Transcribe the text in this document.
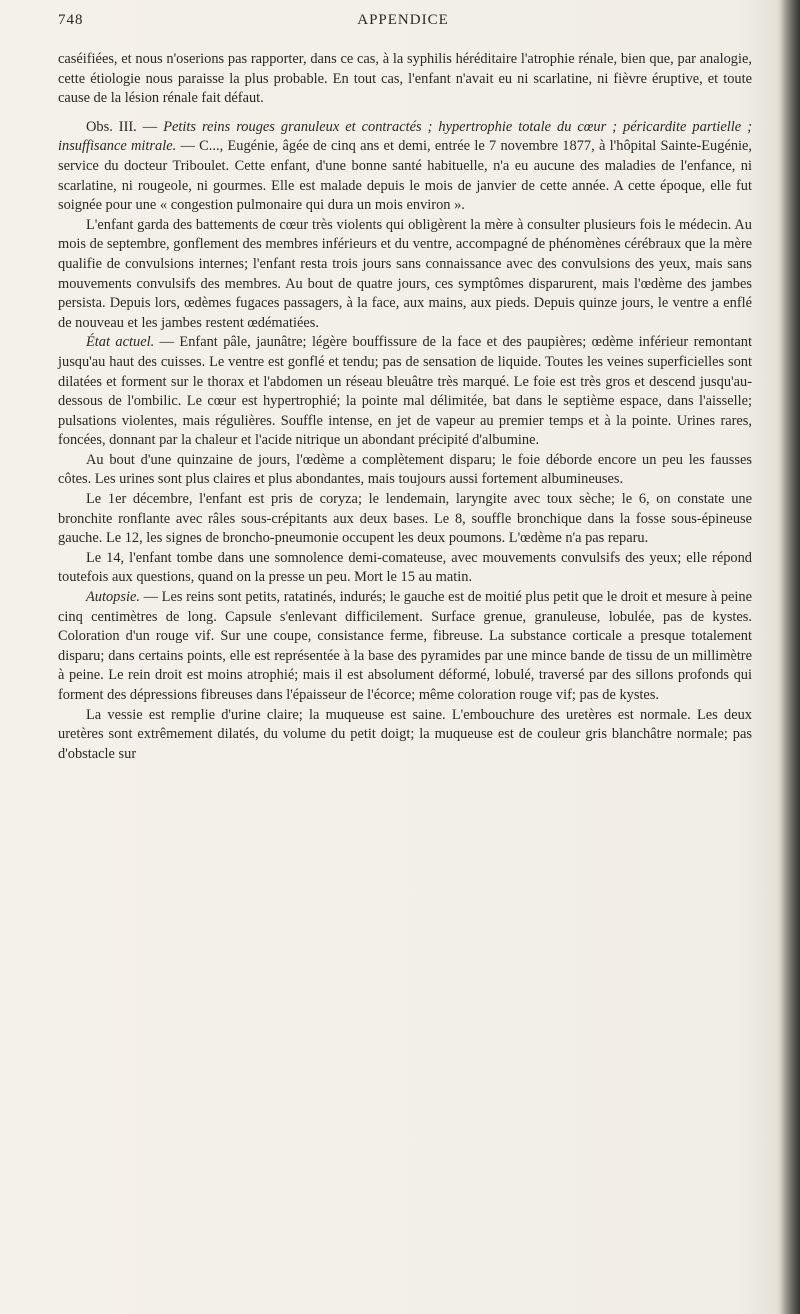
748	APPENDICE

caséifiées, et nous n'oserions pas rapporter, dans ce cas, à la syphilis héréditaire l'atrophie rénale, bien que, par analogie, cette étiologie nous paraisse la plus probable. En tout cas, l'enfant n'avait eu ni scarlatine, ni fièvre éruptive, et toute cause de la lésion rénale fait défaut.

Obs. III. — Petits reins rouges granuleux et contractés ; hypertrophie totale du cœur ; péricardite partielle ; insuffisance mitrale. — C..., Eugénie, âgée de cinq ans et demi, entrée le 7 novembre 1877, à l'hôpital Sainte-Eugénie, service du docteur Triboulet. Cette enfant, d'une bonne santé habituelle, n'a eu aucune des maladies de l'enfance, ni scarlatine, ni rougeole, ni gourmes. Elle est malade depuis le mois de janvier de cette année. A cette époque, elle fut soignée pour une « congestion pulmonaire qui dura un mois environ ».

L'enfant garda des battements de cœur très violents qui obligèrent la mère à consulter plusieurs fois le médecin. Au mois de septembre, gonflement des membres inférieurs et du ventre, accompagné de phénomènes cérébraux que la mère qualifie de convulsions internes; l'enfant resta trois jours sans connaissance avec des convulsions des yeux, mais sans mouvements convulsifs des membres. Au bout de quatre jours, ces symptômes disparurent, mais l'œdème des jambes persista. Depuis lors, œdèmes fugaces passagers, à la face, aux mains, aux pieds. Depuis quinze jours, le ventre a enflé de nouveau et les jambes restent œdématiées.

État actuel. — Enfant pâle, jaunâtre; légère bouffissure de la face et des paupières; œdème inférieur remontant jusqu'au haut des cuisses. Le ventre est gonflé et tendu; pas de sensation de liquide. Toutes les veines superficielles sont dilatées et forment sur le thorax et l'abdomen un réseau bleuâtre très marqué. Le foie est très gros et descend jusqu'au-dessous de l'ombilic. Le cœur est hypertrophié; la pointe mal délimitée, bat dans le septième espace, dans l'aisselle; pulsations violentes, mais régulières. Souffle intense, en jet de vapeur au premier temps et à la pointe. Urines rares, foncées, donnant par la chaleur et l'acide nitrique un abondant précipité d'albumine.

Au bout d'une quinzaine de jours, l'œdème a complètement disparu; le foie déborde encore un peu les fausses côtes. Les urines sont plus claires et plus abondantes, mais toujours aussi fortement albumineuses.

Le 1er décembre, l'enfant est pris de coryza; le lendemain, laryngite avec toux sèche; le 6, on constate une bronchite ronflante avec râles sous-crépitants aux deux bases. Le 8, souffle bronchique dans la fosse sous-épineuse gauche. Le 12, les signes de broncho-pneumonie occupent les deux poumons. L'œdème n'a pas reparu.

Le 14, l'enfant tombe dans une somnolence demi-comateuse, avec mouvements convulsifs des yeux; elle répond toutefois aux questions, quand on la presse un peu. Mort le 15 au matin.

Autopsie. — Les reins sont petits, ratatinés, indurés; le gauche est de moitié plus petit que le droit et mesure à peine cinq centimètres de long. Capsule s'enlevant difficilement. Surface grenue, granuleuse, lobulée, pas de kystes. Coloration d'un rouge vif. Sur une coupe, consistance ferme, fibreuse. La substance corticale a presque totalement disparu; dans certains points, elle est représentée à la base des pyramides par une mince bande de tissu de un millimètre à peine. Le rein droit est moins atrophié; mais il est absolument déformé, lobulé, traversé par des sillons profonds qui forment des dépressions fibreuses dans l'épaisseur de l'écorce; même coloration rouge vif; pas de kystes.

La vessie est remplie d'urine claire; la muqueuse est saine. L'embouchure des uretères est normale. Les deux uretères sont extrêmement dilatés, du volume du petit doigt; la muqueuse est de couleur gris blanchâtre normale; pas d'obstacle sur
